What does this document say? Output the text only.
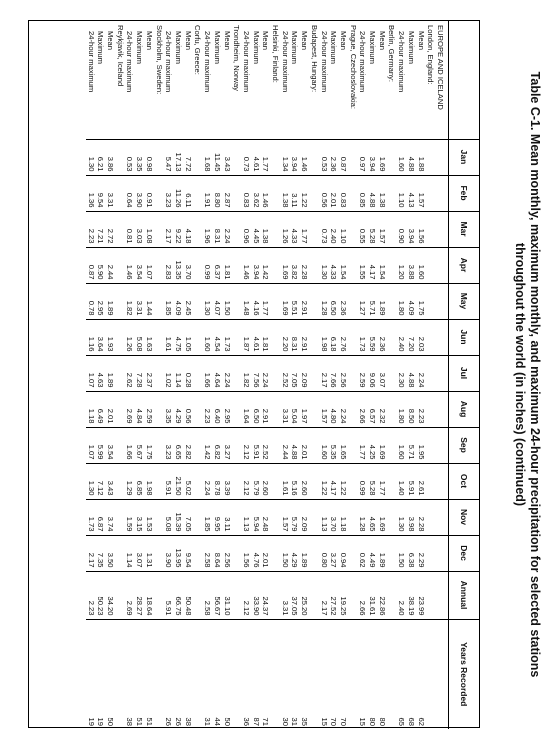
Table C-1. Mean monthly, maximum monthly, and maximum 24-hour precipitation for selected stations
throughout the world (in inches) (continued)
	Jan	Feb	Mar	Apr	May	Jun	Jul	Aug	Sep	Oct	Nov	Dec	Annual	Years Recorded
EUROPE AND ICELAND														
London, England:														
Mean	1.88	1.57	1.56	1.60	1.75	2.03	2.24	2.23	1.95	2.61	2.28	2.29	23.99	62
Maximum	4.88	4.13	3.94	3.88	4.09	7.20	4.88	8.50	5.71	5.91	3.98	6.38	38.19	68
24-hour maximum	1.60	1.10	0.90	1.20	1.80	2.40	2.30	1.80	1.60	1.40	1.30	1.50	2.40	65
Berlin, Germany:														
Mean	1.69	1.38	1.57	1.54	1.89	2.36	3.07	2.32	1.69	1.77	1.69	1.89	22.86	80
Maximum	3.94	4.88	5.28	4.17	5.71	5.59	9.06	6.57	4.25	5.28	4.65	4.49	31.61	80
24-hour maximum	0.97	0.85	0.55	1.55	1.27	1.73	2.59	2.66	1.77	0.99	1.28	0.62	2.66	15
Prague, Czechoslovakia:														
Mean	0.87	0.83	1.10	1.54	2.36	2.76	2.56	2.24	1.65	1.22	1.18	0.94	19.25	70
Maximum	2.36	2.01	2.40	4.33	6.50	6.18	7.66	4.80	5.35	4.17	3.70	3.27	27.52	70
24-hour maximum	0.53	0.56	0.73	1.30	1.28	1.98	2.17	1.57	1.60	1.22	1.13	0.80	2.17	15
Budapest, Hungary:														
Mean	1.46	1.22	1.77	2.28	2.91	2.91	2.09	1.97	2.01	2.60	2.09	1.89	25.20	35
Maximum	3.94	3.11	4.33	3.82	5.51	8.31	7.05	5.04	4.88	5.16	5.79	4.29	37.05	31
24-hour maximum	1.34	1.38	1.26	1.69	1.69	2.20	2.52	3.31	2.44	1.61	1.57	1.50	3.31	30
Helsinki, Finland:														
Mean	1.77	1.46	1.38	1.42	1.77	1.81	2.24	2.91	2.52	2.60	2.48	2.01	24.37	71
Maximum	4.61	3.62	4.45	3.94	4.16	4.61	7.56	6.50	5.91	5.79	5.94	4.76	33.90	87
24-hour maximum	0.73	0.83	0.96	1.46	1.48	1.87	1.82	1.64	2.12	2.12	1.13	1.56	2.12	36
Trondheim, Norway														
Mean	3.43	2.87	2.24	1.81	1.50	1.73	2.24	2.95	3.27	3.39	3.11	2.56	31.10	50
Maximum	11.45	8.80	8.31	6.37	4.07	4.54	4.64	6.40	6.82	8.78	9.95	8.64	56.67	44
24-hour maximum	1.68	1.91	1.96	0.99	1.30	1.60	1.66	2.23	1.42	2.24	1.85	2.58	2.58	31
Corfu, Greece:														
Mean	7.72	6.11	4.18	3.70	2.45	1.05	0.28	0.56	2.82	5.02	7.05	9.54	50.48	38
Maximum	17.13	11.26	9.22	13.35	4.09	4.75	1.14	4.29	6.65	21.50	15.39	13.95	66.75	26
24-hour maximum	5.47	3.23	2.17	2.83	1.85	1.61	1.02	3.35	3.23	5.91	5.08	3.90	5.91	26
Stockholm, Sweden:														
Mean	0.98	0.91	1.08	1.07	1.44	1.63	2.37	2.59	1.75	1.98	1.53	1.31	18.64	51
Maximum	3.35	3.90	3.03	3.54	3.31	5.08	7.28	4.84	5.67	6.85	3.15	3.07	28.27	51
24-hour maximum	0.53	0.64	0.81	1.46	1.82	1.26	2.62	2.69	1.66	1.29	1.59	1.14	2.69	38
Reykjavik, Iceland														
Mean	3.86	3.31	2.72	2.44	1.89	1.93	1.89	2.01	3.54	3.43	3.74	3.50	34.20	50
Maximum	6.21	9.54	7.21	5.90	2.95	3.64	4.63	6.49	5.99	7.12	6.87	7.35	50.23	19
24-hour maximum	1.30	1.36	2.23	0.87	0.78	1.16	1.07	1.18	1.07	1.30	1.73	2.17	2.23	19
